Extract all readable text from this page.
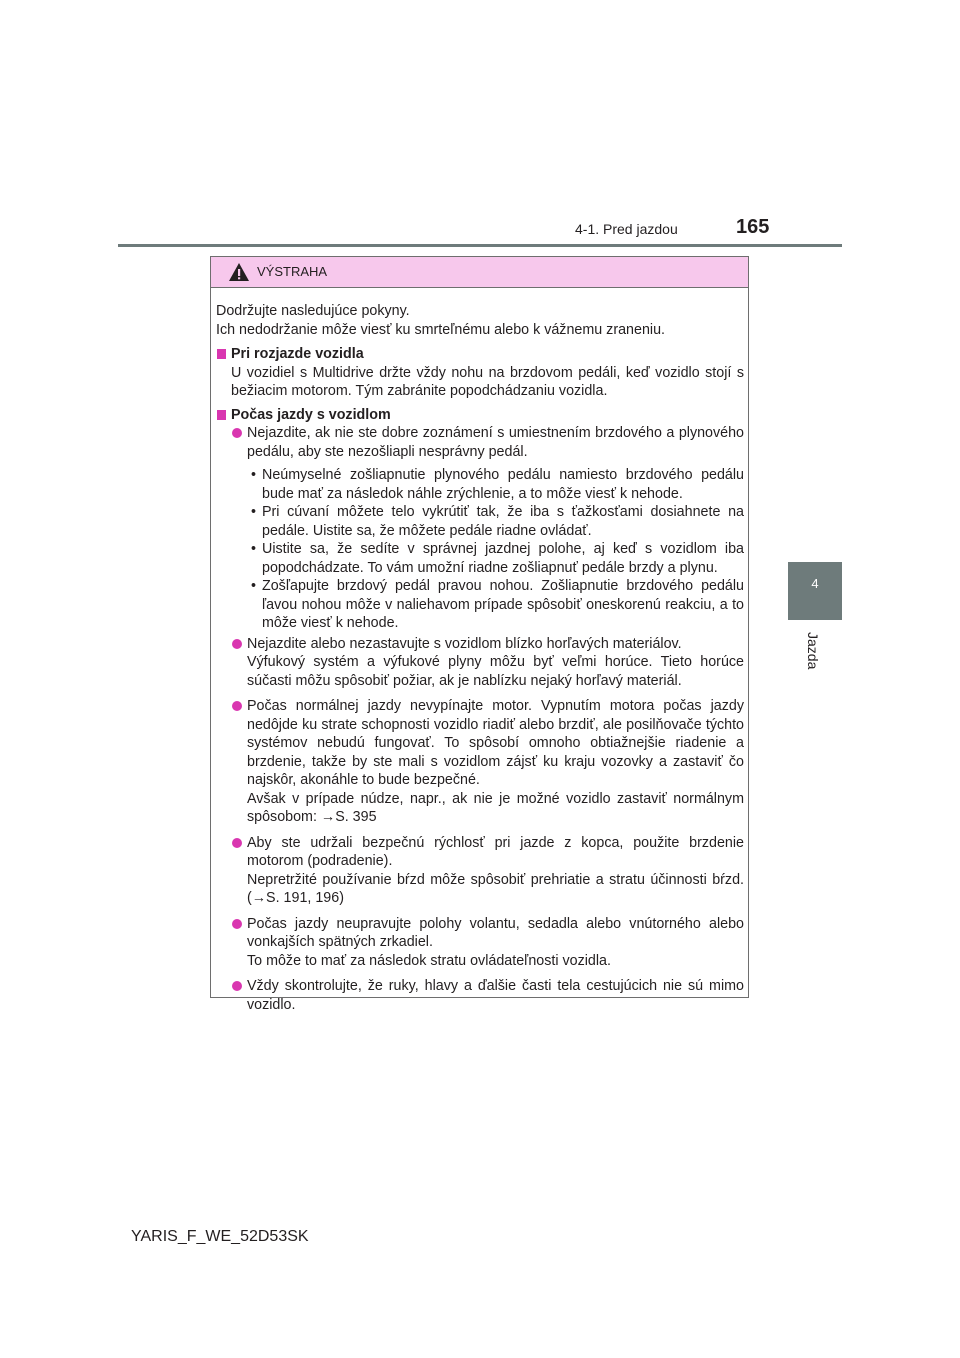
4-1. Pred jazdou	165
4
Jazda
VÝSTRAHA

Dodržujte nasledujúce pokyny.

Ich nedodržanie môže viesť ku smrteľnému alebo k vážnemu zraneniu.

Pri rozjazde vozidla

U vozidiel s Multidrive držte vždy nohu na brzdovom pedáli, keď vozidlo stojí s bežiacim motorom. Tým zabránite popodchádzaniu vozidla.

Počas jazdy s vozidlom
Nejazdite, ak nie ste dobre zoznámení s umiestnením brzdového a plynového pedálu, aby ste nezošliapli nesprávny pedál.
• Neúmyselné zošliapnutie plynového pedálu namiesto brzdového pedálu bude mať za následok náhle zrýchlenie, a to môže viesť k nehode.
• Pri cúvaní môžete telo vykrútiť tak, že iba s ťažkosťami dosiahnete na pedále. Uistite sa, že môžete pedále riadne ovládať.
• Uistite sa, že sedíte v správnej jazdnej polohe, aj keď s vozidlom iba popodchádzate. To vám umožní riadne zošliapnuť pedále brzdy a plynu.
• Zošľapujte brzdový pedál pravou nohou. Zošliapnutie brzdového pedálu ľavou nohou môže v naliehavom prípade spôsobiť oneskorenú reakciu, a to môže viesť k nehode.
Nejazdite alebo nezastavujte s vozidlom blízko horľavých materiálov.
Výfukový systém a výfukové plyny môžu byť veľmi horúce. Tieto horúce súčasti môžu spôsobiť požiar, ak je nablízku nejaký horľavý materiál.
Počas normálnej jazdy nevypínajte motor. Vypnutím motora počas jazdy nedôjde ku strate schopnosti vozidlo riadiť alebo brzdiť, ale posilňovače týchto systémov nebudú fungovať. To spôsobí omnoho obtiažnejšie riadenie a brzdenie, takže by ste mali s vozidlom zájsť ku kraju vozovky a zastaviť čo najskôr, akonáhle to bude bezpečné.
Avšak v prípade núdze, napr., ak nie je možné vozidlo zastaviť normálnym spôsobom: →S. 395
Aby ste udržali bezpečnú rýchlosť pri jazde z kopca, použite brzdenie motorom (podradenie).
Nepretržité používanie bŕzd môže spôsobiť prehriatie a stratu účinnosti bŕzd. (→S. 191, 196)
Počas jazdy neupravujte polohy volantu, sedadla alebo vnútorného alebo vonkajších spätných zrkadiel.
To môže to mať za následok stratu ovládateľnosti vozidla.
Vždy skontrolujte, že ruky, hlavy a ďalšie časti tela cestujúcich nie sú mimo vozidlo.
YARIS_F_WE_52D53SK
